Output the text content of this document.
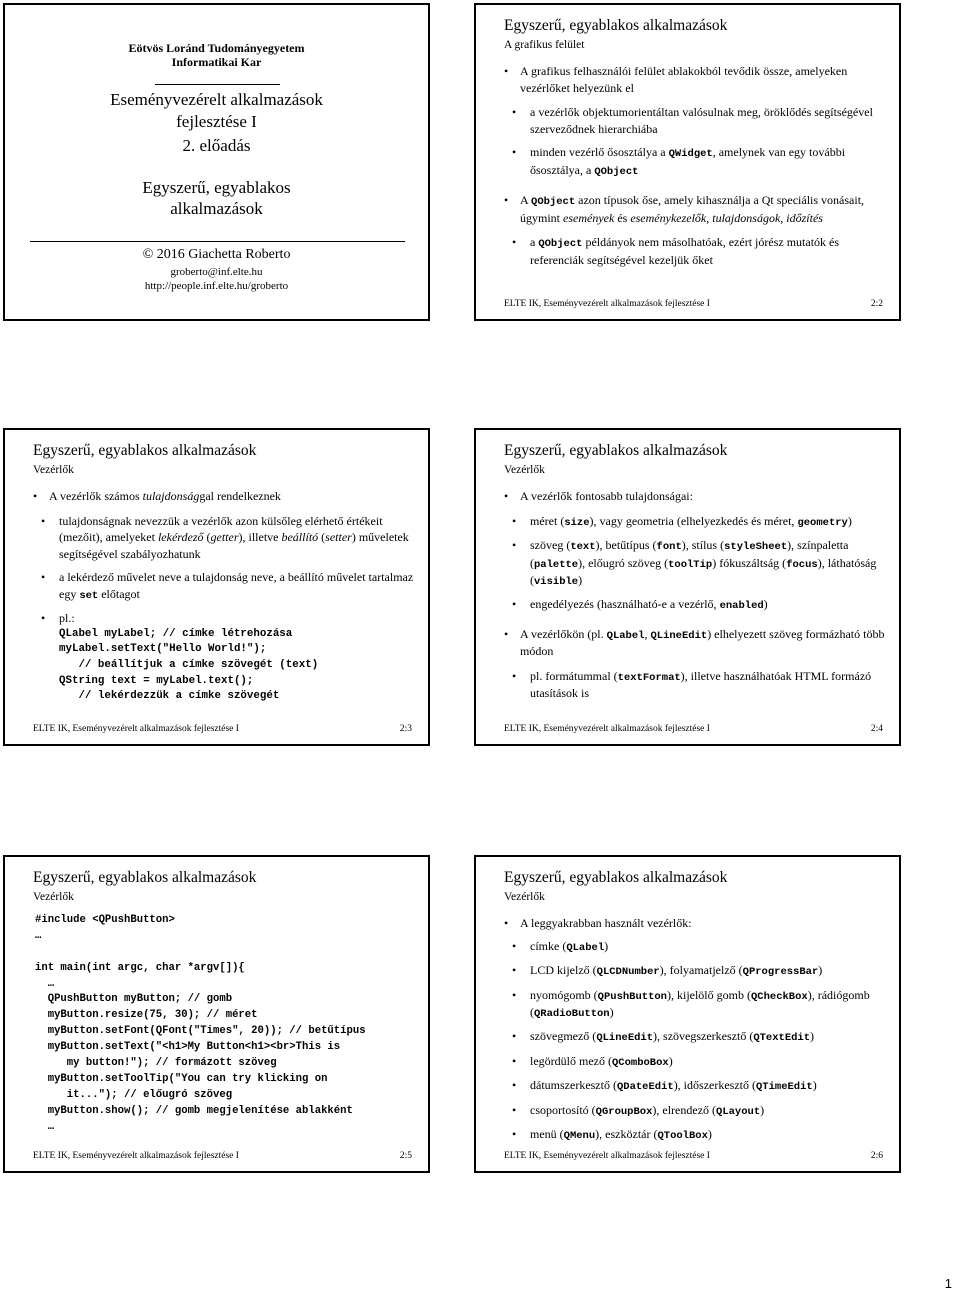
Eötvös Loránd Tudományegyetem
Informatikai Kar
Eseményvezérelt alkalmazások
fejlesztése I
2. előadás
Egyszerű, egyablakos
alkalmazások
© 2016 Giachetta Roberto
groberto@inf.elte.hu
http://people.inf.elte.hu/groberto
Egyszerű, egyablakos alkalmazások
A grafikus felület
• A grafikus felhasználói felület ablakokból tevődik össze, amelyeken vezérlőket helyezünk el
• a vezérlők objektumorientáltan valósulnak meg, öröklődés segítségével szerveződnek hierarchiába
• minden vezérlő ősosztálya a QWidget, amelynek van egy további ősosztálya, a QObject
• A QObject azon típusok őse, amely kihasználja a Qt speciális vonásait, úgymint események és eseménykezelők, tulajdonságok, időzítés
• a QObject példányok nem másolhatóak, ezért jórész mutatók és referenciák segítségével kezeljük őket
ELTE IK, Eseményvezérelt alkalmazások fejlesztése I	2:2
Egyszerű, egyablakos alkalmazások
Vezérlők
• A vezérlők számos tulajdonsággal rendelkeznek
• tulajdonságnak nevezzük a vezérlők azon külsőleg elérhető értékeit (mezőit), amelyeket lekérdező (getter), illetve beállító (setter) műveletek segítségével szabályozhatunk
• a lekérdező művelet neve a tulajdonság neve, a beállító művelet tartalmaz egy set előtagot
• pl.:
QLabel myLabel; // címke létrehozása
myLabel.setText("Hello World!");
// beállítjuk a címke szövegét (text)
QString text = myLabel.text();
// lekérdezzük a címke szövegét
ELTE IK, Eseményvezérelt alkalmazások fejlesztése I	2:3
Egyszerű, egyablakos alkalmazások
Vezérlők
• A vezérlők fontosabb tulajdonságai:
• méret (size), vagy geometria (elhelyezkedés és méret, geometry)
• szöveg (text), betűtípus (font), stílus (styleSheet), színpaletta (palette), előugró szöveg (toolTip) fókuszáltság (focus), láthatóság (visible)
• engedélyezés (használható-e a vezérlő, enabled)
• A vezérlőkön (pl. QLabel, QLineEdit) elhelyezett szöveg formázható több módon
• pl. formátummal (textFormat), illetve használhatóak HTML formázó utasítások is
ELTE IK, Eseményvezérelt alkalmazások fejlesztése I	2:4
Egyszerű, egyablakos alkalmazások
Vezérlők
#include <QPushButton>
…

int main(int argc, char *argv[]){
…
QPushButton myButton; // gomb
myButton.resize(75, 30); // méret
myButton.setFont(QFont("Times", 20)); // betűtípus
myButton.setText("<h1>My Button<h1><br>This is
my button!"); // formázott szöveg
myButton.setToolTip("You can try klicking on
it..."); // előugró szöveg
myButton.show(); // gomb megjelenítése ablakként
…
ELTE IK, Eseményvezérelt alkalmazások fejlesztése I	2:5
Egyszerű, egyablakos alkalmazások
Vezérlők
• A leggyakrabban használt vezérlők:
• címke (QLabel)
• LCD kijelző (QLCDNumber), folyamatjelző (QProgressBar)
• nyomógomb (QPushButton), kijelölő gomb (QCheckBox), rádiógomb (QRadioButton)
• szövegmező (QLineEdit), szövegszerkesztő (QTextEdit)
• legördülő mező (QComboBox)
• dátumszerkesztő (QDateEdit), időszerkesztő (QTimeEdit)
• csoportosító (QGroupBox), elrendező (QLayout)
• menü (QMenu), eszköztár (QToolBox)
ELTE IK, Eseményvezérelt alkalmazások fejlesztése I	2:6
1
